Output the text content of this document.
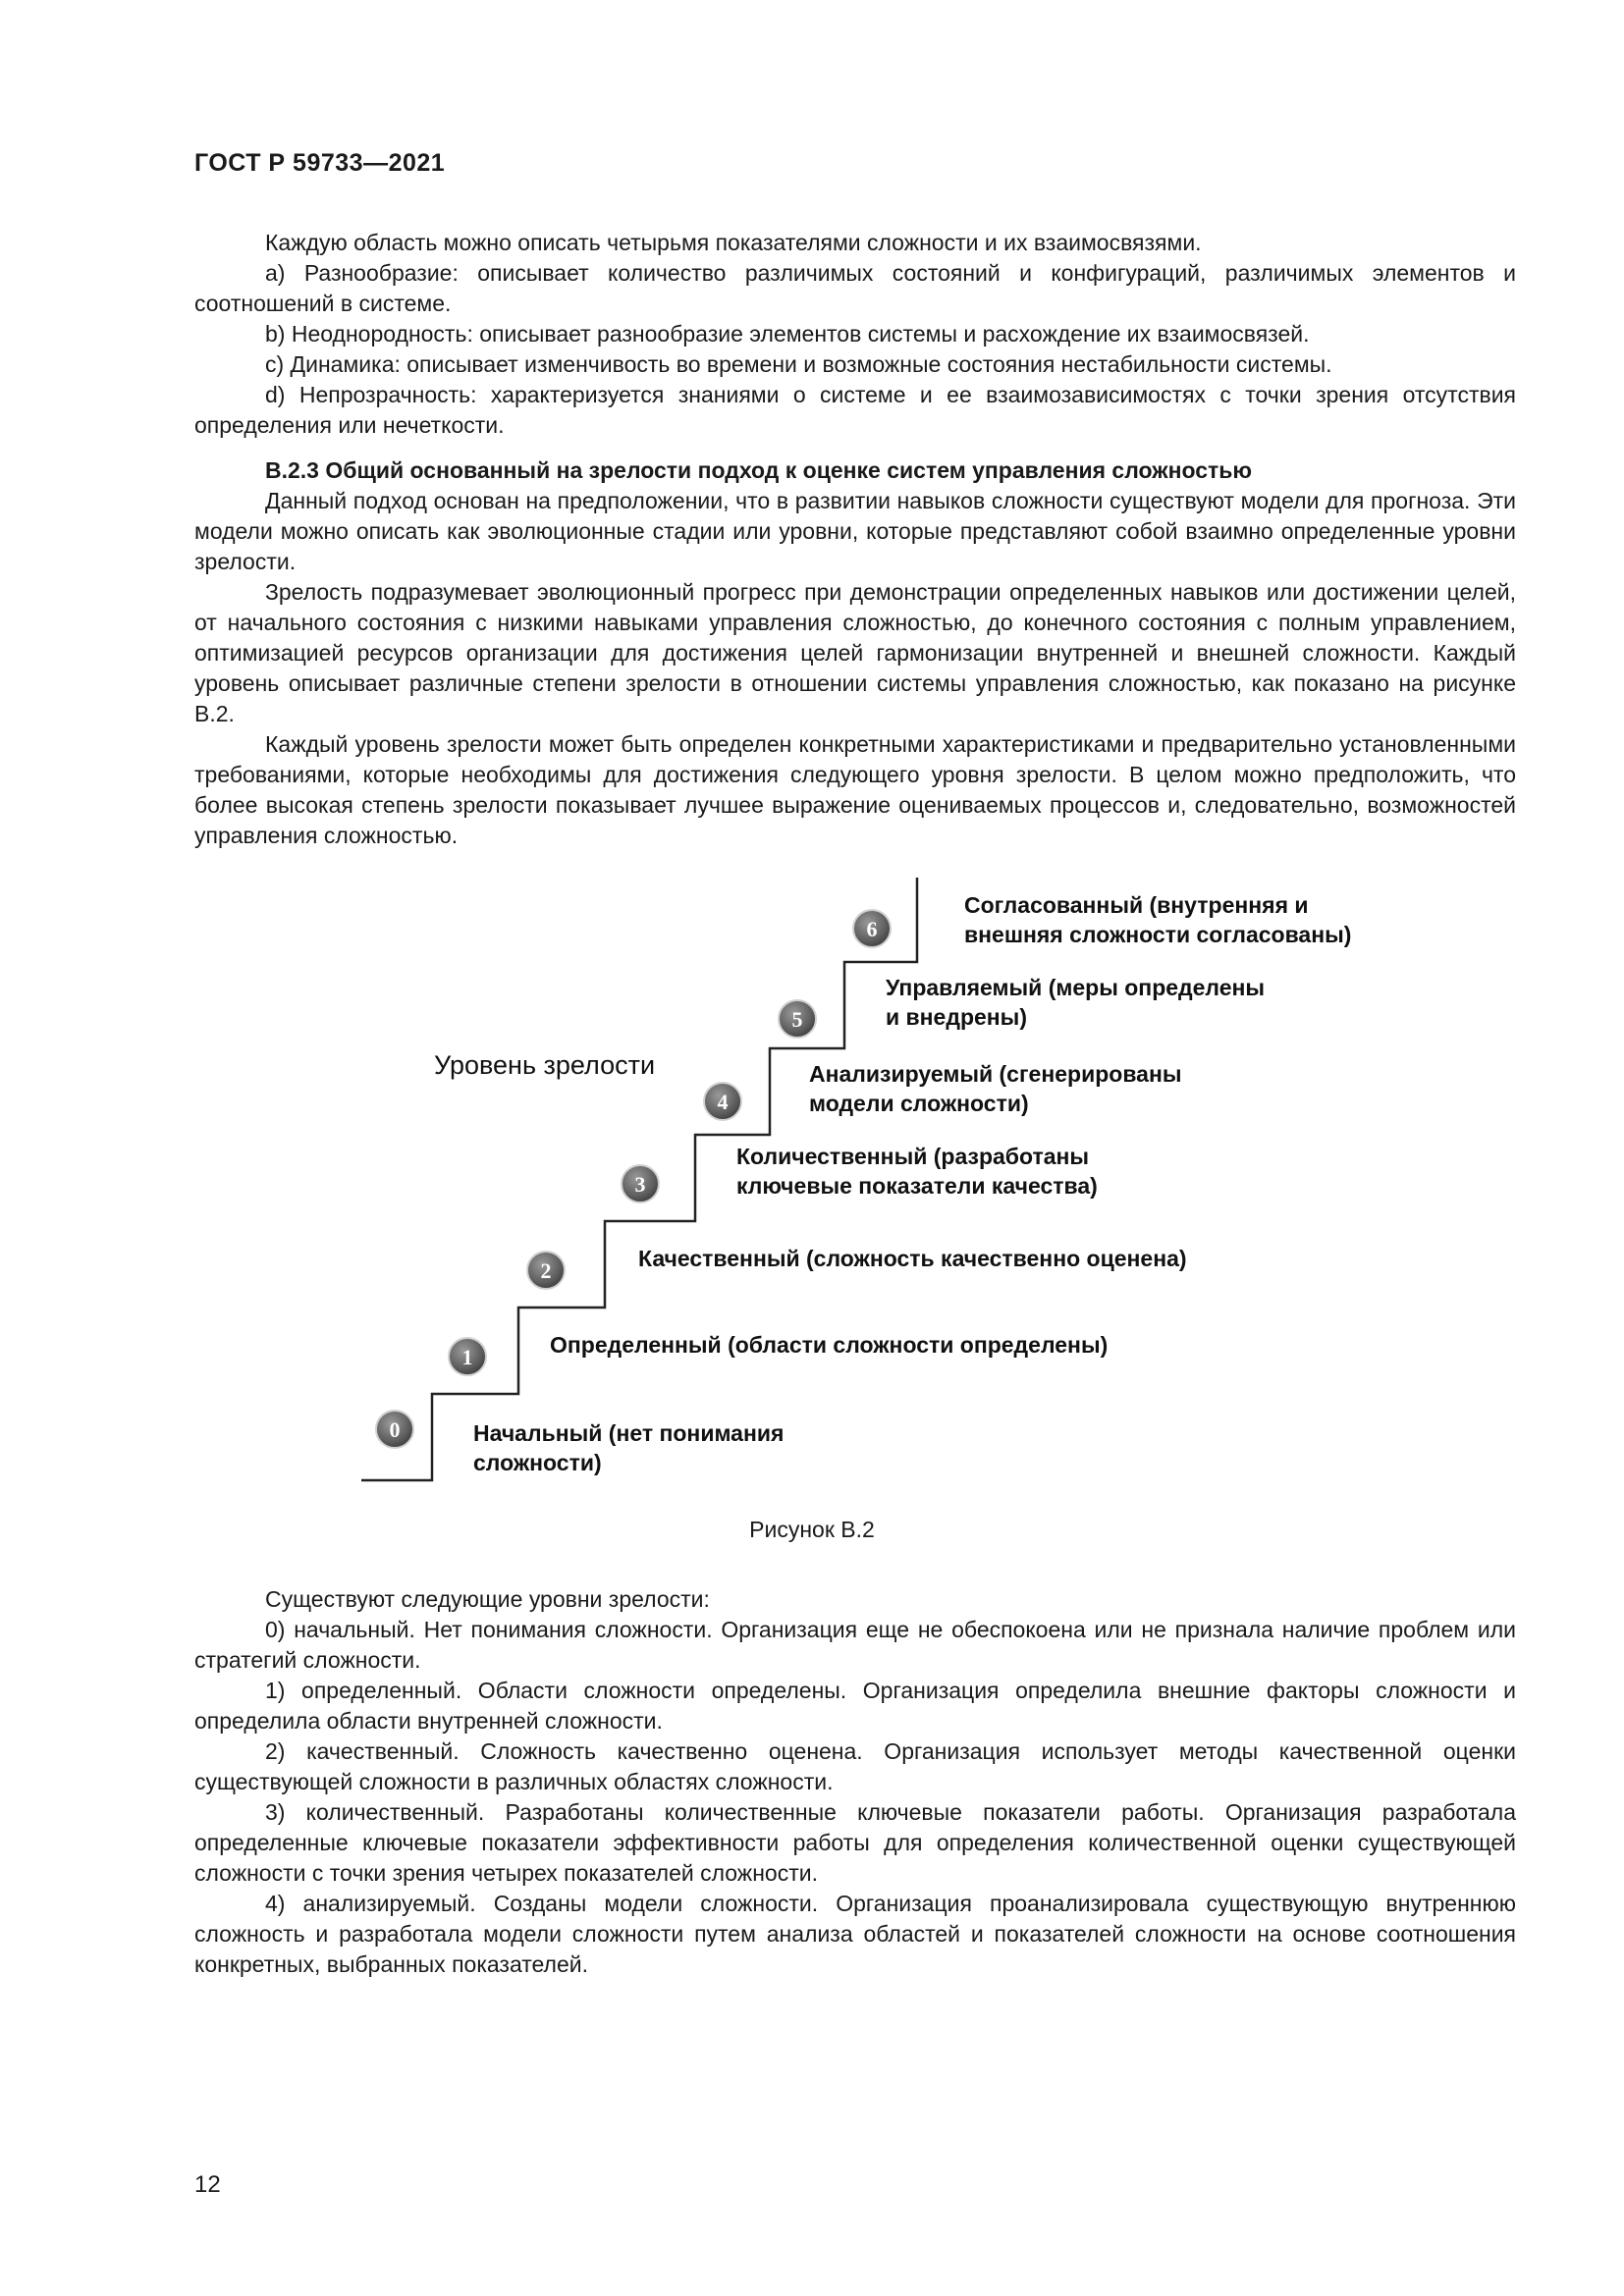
ГОСТ Р 59733—2021

Каждую область можно описать четырьмя показателями сложности и их взаимосвязями.

а) Разнообразие: описывает количество различимых состояний и конфигураций, различимых элементов и соотношений в системе.

b) Неоднородность: описывает разнообразие элементов системы и расхождение их взаимосвязей.

с) Динамика: описывает изменчивость во времени и возможные состояния нестабильности системы.

d) Непрозрачность: характеризуется знаниями о системе и ее взаимозависимостях с точки зрения отсутствия определения или нечеткости.

В.2.3 Общий основанный на зрелости подход к оценке систем управления сложностью

Данный подход основан на предположении, что в развитии навыков сложности существуют модели для прогноза. Эти модели можно описать как эволюционные стадии или уровни, которые представляют собой взаимно определенные уровни зрелости.

Зрелость подразумевает эволюционный прогресс при демонстрации определенных навыков или достижении целей, от начального состояния с низкими навыками управления сложностью, до конечного состояния с полным управлением, оптимизацией ресурсов организации для достижения целей гармонизации внутренней и внешней сложности. Каждый уровень описывает различные степени зрелости в отношении системы управления сложностью, как показано на рисунке В.2.

Каждый уровень зрелости может быть определен конкретными характеристиками и предварительно установленными требованиями, которые необходимы для достижения следующего уровня зрелости. В целом можно предположить, что более высокая степень зрелости показывает лучшее выражение оцениваемых процессов и, следовательно, возможностей управления сложностью.

Уровень зрелости
0	Начальный (нет понимания
сложности)
1	Определенный (области сложности определены)
2	Качественный (сложность качественно оценена)
3
Количественный (разработаны
ключевые показатели качества)
4
Анализируемый (сгенерированы
модели сложности)
5
Управляемый (меры определены
и внедрены)
6
Согласованный (внутренняя и
внешняя сложности согласованы)
Рисунок В.2

Существуют следующие уровни зрелости:

0) начальный. Нет понимания сложности. Организация еще не обеспокоена или не признала наличие проблем или стратегий сложности.

1) определенный. Области сложности определены. Организация определила внешние факторы сложности и определила области внутренней сложности.

2) качественный. Сложность качественно оценена. Организация использует методы качественной оценки существующей сложности в различных областях сложности.

3) количественный. Разработаны количественные ключевые показатели работы. Организация разработала определенные ключевые показатели эффективности работы для определения количественной оценки существующей сложности с точки зрения четырех показателей сложности.

4) анализируемый. Созданы модели сложности. Организация проанализировала существующую внутреннюю сложность и разработала модели сложности путем анализа областей и показателей сложности на основе соотношения конкретных, выбранных показателей.

12
